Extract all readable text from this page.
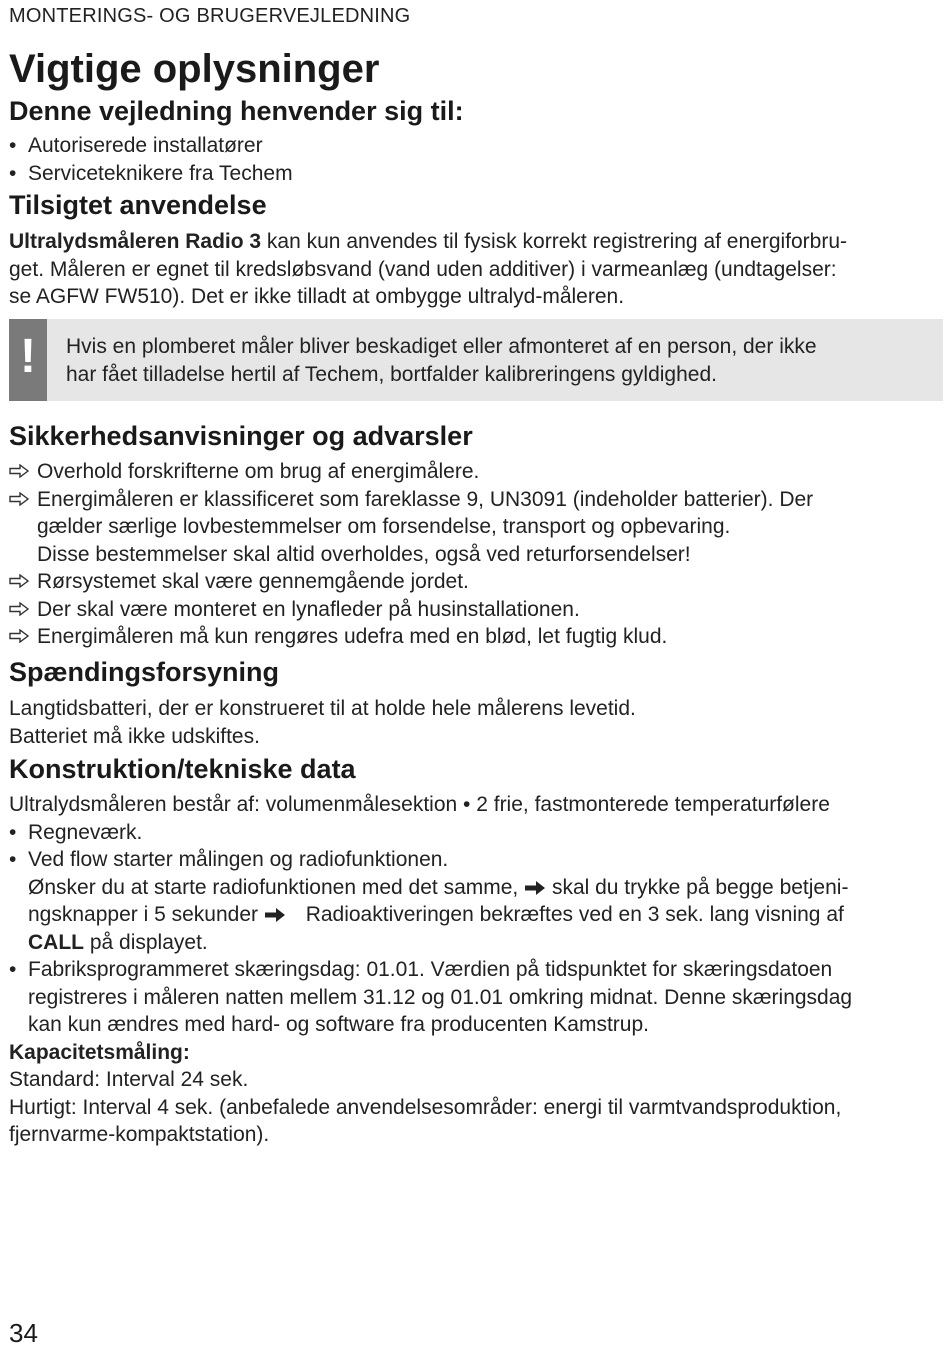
MONTERINGS- OG BRUGERVEJLEDNING
Vigtige oplysninger
Denne vejledning henvender sig til:
• Autoriserede installatører
• Serviceteknikere fra Techem
Tilsigtet anvendelse
Ultralydsmåleren Radio 3 kan kun anvendes til fysisk korrekt registrering af energiforbru-
get. Måleren er egnet til kredsløbsvand (vand uden additiver) i varmeanlæg (undtagelser:
se AGFW FW510). Det er ikke tilladt at ombygge ultralyd-måleren.
!	Hvis en plomberet måler bliver beskadiget eller afmonteret af en person, der ikke
har fået tilladelse hertil af Techem, bortfalder kalibreringens gyldighed.
Sikkerhedsanvisninger og advarsler
Overhold forskrifterne om brug af energimålere.
Energimåleren er klassificeret som fareklasse 9, UN3091 (indeholder batterier). Der
gælder særlige lovbestemmelser om forsendelse, transport og opbevaring.
Disse bestemmelser skal altid overholdes, også ved returforsendelser!
Rørsystemet skal være gennemgående jordet.
Der skal være monteret en lynafleder på husinstallationen.
Energimåleren må kun rengøres udefra med en blød, let fugtig klud.
Spændingsforsyning
Langtidsbatteri, der er konstrueret til at holde hele målerens levetid.
Batteriet må ikke udskiftes.
Konstruktion/tekniske data
Ultralydsmåleren består af: volumenmålesektion • 2 frie, fastmonterede temperaturfølere
• Regneværk.
• Ved flow starter målingen og radiofunktionen.
Ønsker du at starte radiofunktionen med det samme, skal du trykke på begge betjeni-
ngsknapper i 5 sekunder Radioaktiveringen bekræftes ved en 3 sek. lang visning af
CALL på displayet.
• Fabriksprogrammeret skæringsdag: 01.01. Værdien på tidspunktet for skæringsdatoen
registreres i måleren natten mellem 31.12 og 01.01 omkring midnat. Denne skæringsdag
kan kun ændres med hard- og software fra producenten Kamstrup.
Kapacitetsmåling:
Standard: Interval 24 sek.
Hurtigt: Interval 4 sek. (anbefalede anvendelsesområder: energi til varmtvandsproduktion,
fjernvarme-kompaktstation).
34
